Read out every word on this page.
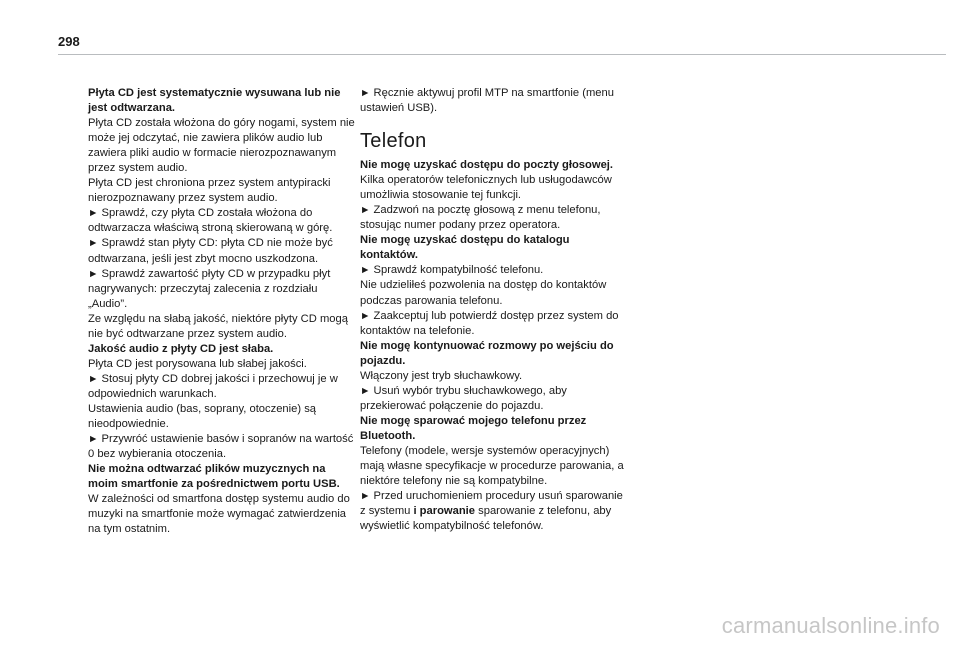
298

Płyta CD jest systematycznie wysuwana lub nie jest odtwarzana.

Płyta CD została włożona do góry nogami, system nie może jej odczytać, nie zawiera plików audio lub zawiera pliki audio w formacie nierozpoznawanym przez system audio.

Płyta CD jest chroniona przez system antypiracki nierozpoznawany przez system audio.

► Sprawdź, czy płyta CD została włożona do odtwarzacza właściwą stroną skierowaną w górę.

► Sprawdź stan płyty CD: płyta CD nie może być odtwarzana, jeśli jest zbyt mocno uszkodzona.

► Sprawdź zawartość płyty CD w przypadku płyt nagrywanych: przeczytaj zalecenia z rozdziału „Audio”.

Ze względu na słabą jakość, niektóre płyty CD mogą nie być odtwarzane przez system audio.

Jakość audio z płyty CD jest słaba.

Płyta CD jest porysowana lub słabej jakości.

► Stosuj płyty CD dobrej jakości i przechowuj je w odpowiednich warunkach.

Ustawienia audio (bas, soprany, otoczenie) są nieodpowiednie.

► Przywróć ustawienie basów i sopranów na wartość 0 bez wybierania otoczenia.

Nie można odtwarzać plików muzycznych na moim smartfonie za pośrednictwem portu USB.

W zależności od smartfona dostęp systemu audio do muzyki na smartfonie może wymagać zatwierdzenia na tym ostatnim.

► Ręcznie aktywuj profil MTP na smartfonie (menu ustawień USB).

Telefon

Nie mogę uzyskać dostępu do poczty głosowej.

Kilka operatorów telefonicznych lub usługodawców umożliwia stosowanie tej funkcji.

► Zadzwoń na pocztę głosową z menu telefonu, stosując numer podany przez operatora.

Nie mogę uzyskać dostępu do katalogu kontaktów.

► Sprawdź kompatybilność telefonu.

Nie udzieliłeś pozwolenia na dostęp do kontaktów podczas parowania telefonu.

► Zaakceptuj lub potwierdź dostęp przez system do kontaktów na telefonie.

Nie mogę kontynuować rozmowy po wejściu do pojazdu.

Włączony jest tryb słuchawkowy.

► Usuń wybór trybu słuchawkowego, aby przekierować połączenie do pojazdu.

Nie mogę sparować mojego telefonu przez Bluetooth.

Telefony (modele, wersje systemów operacyjnych) mają własne specyfikacje w procedurze parowania, a niektóre telefony nie są kompatybilne.

► Przed uruchomieniem procedury usuń sparowanie z systemu i parowanie sparowanie z telefonu, aby wyświetlić kompatybilność telefonów.

carmanualsonline.info
